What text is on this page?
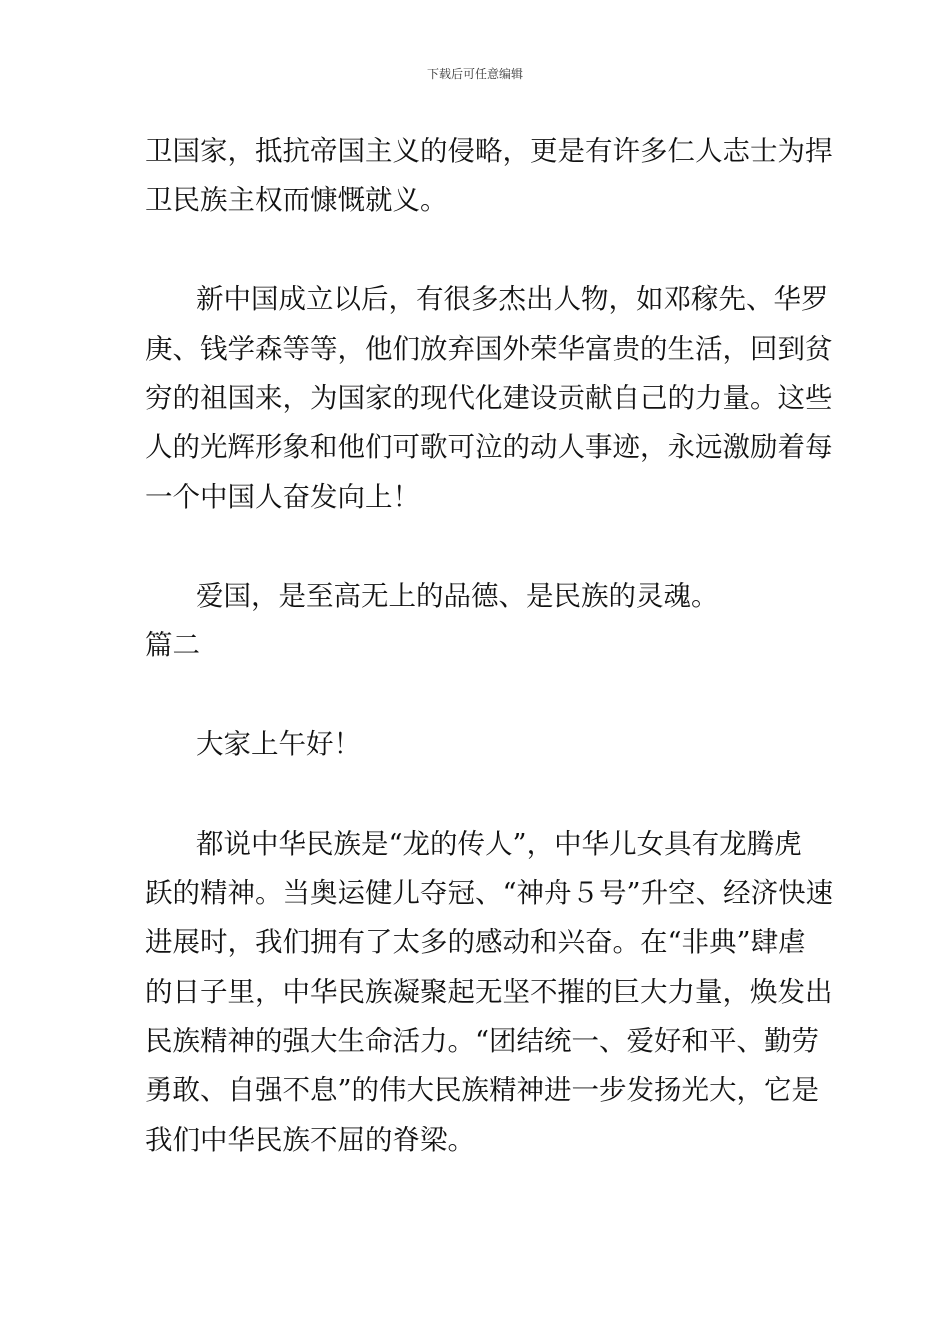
下载后可任意编辑
卫国家，抵抗帝国主义的侵略，更是有许多仁人志士为捍
卫民族主权而慷慨就义。
新中国成立以后，有很多杰出人物，如邓稼先、华罗
庚、钱学森等等，他们放弃国外荣华富贵的生活，回到贫
穷的祖国来，为国家的现代化建设贡献自己的力量。这些
人的光辉形象和他们可歌可泣的动人事迹，永远激励着每
一个中国人奋发向上！
爱国，是至高无上的品德、是民族的灵魂。
篇二
大家上午好！
都说中华民族是“龙的传人”，中华儿女具有龙腾虎
跃的精神。当奥运健儿夺冠、“神舟５号”升空、经济快速
进展时，我们拥有了太多的感动和兴奋。在“非典”肆虐
的日子里，中华民族凝聚起无坚不摧的巨大力量，焕发出
民族精神的强大生命活力。“团结统一、爱好和平、勤劳
勇敢、自强不息”的伟大民族精神进一步发扬光大，它是
我们中华民族不屈的脊梁。
